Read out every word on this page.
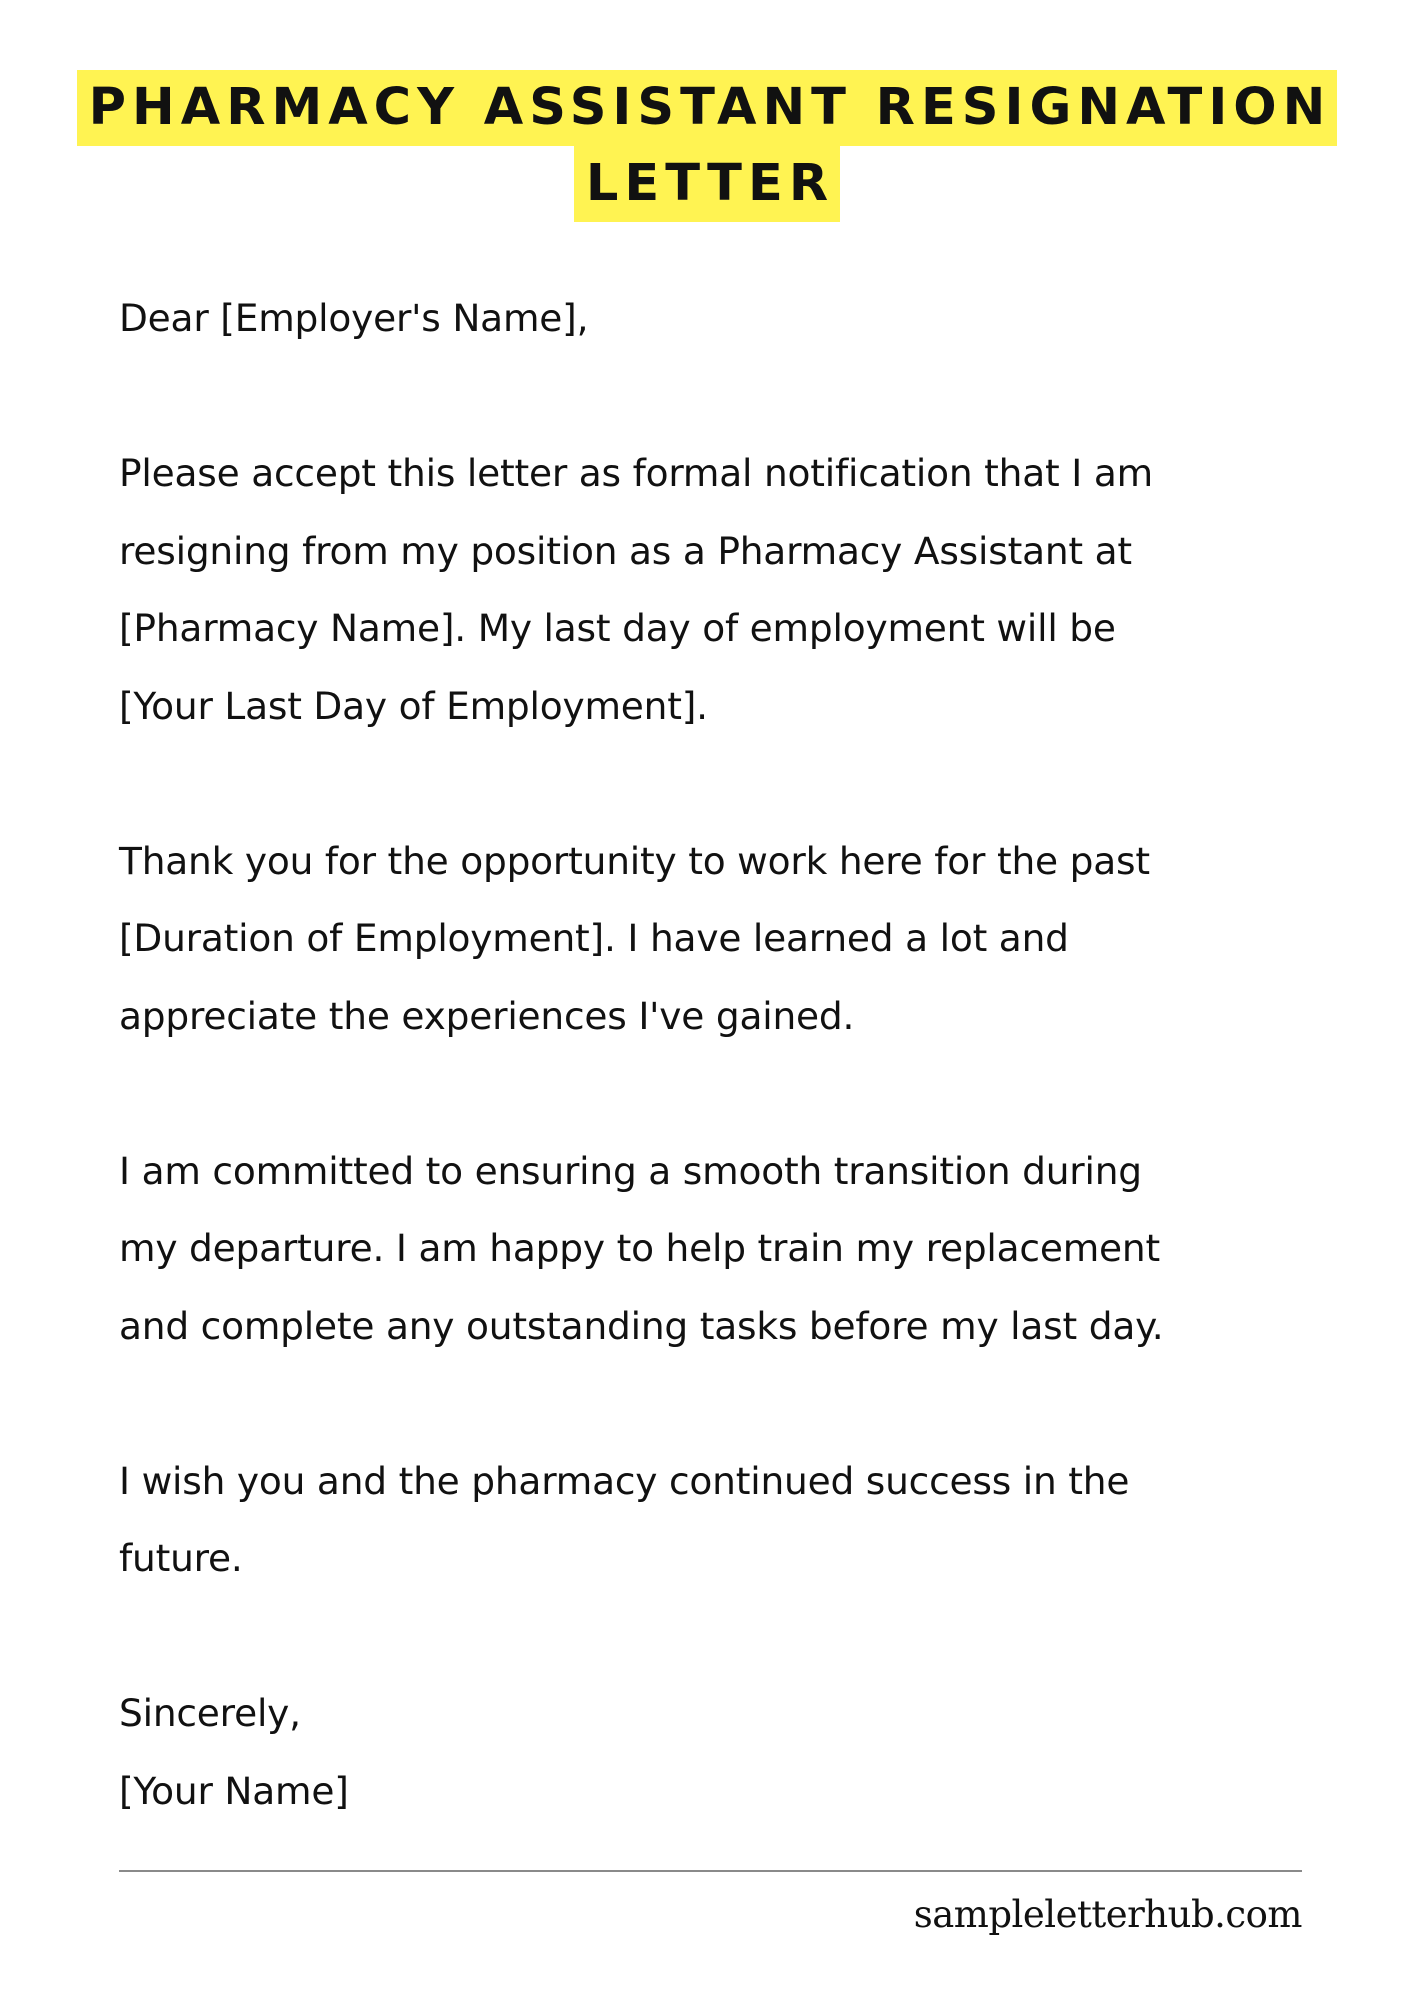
PHARMACY ASSISTANT RESIGNATION
LETTER
Dear [Employer's Name],
Please accept this letter as formal notification that I am
resigning from my position as a Pharmacy Assistant at
[Pharmacy Name]. My last day of employment will be
[Your Last Day of Employment].
Thank you for the opportunity to work here for the past
[Duration of Employment]. I have learned a lot and
appreciate the experiences I've gained.
I am committed to ensuring a smooth transition during
my departure. I am happy to help train my replacement
and complete any outstanding tasks before my last day.
I wish you and the pharmacy continued success in the
future.
Sincerely,
[Your Name]
sampleletterhub.com
